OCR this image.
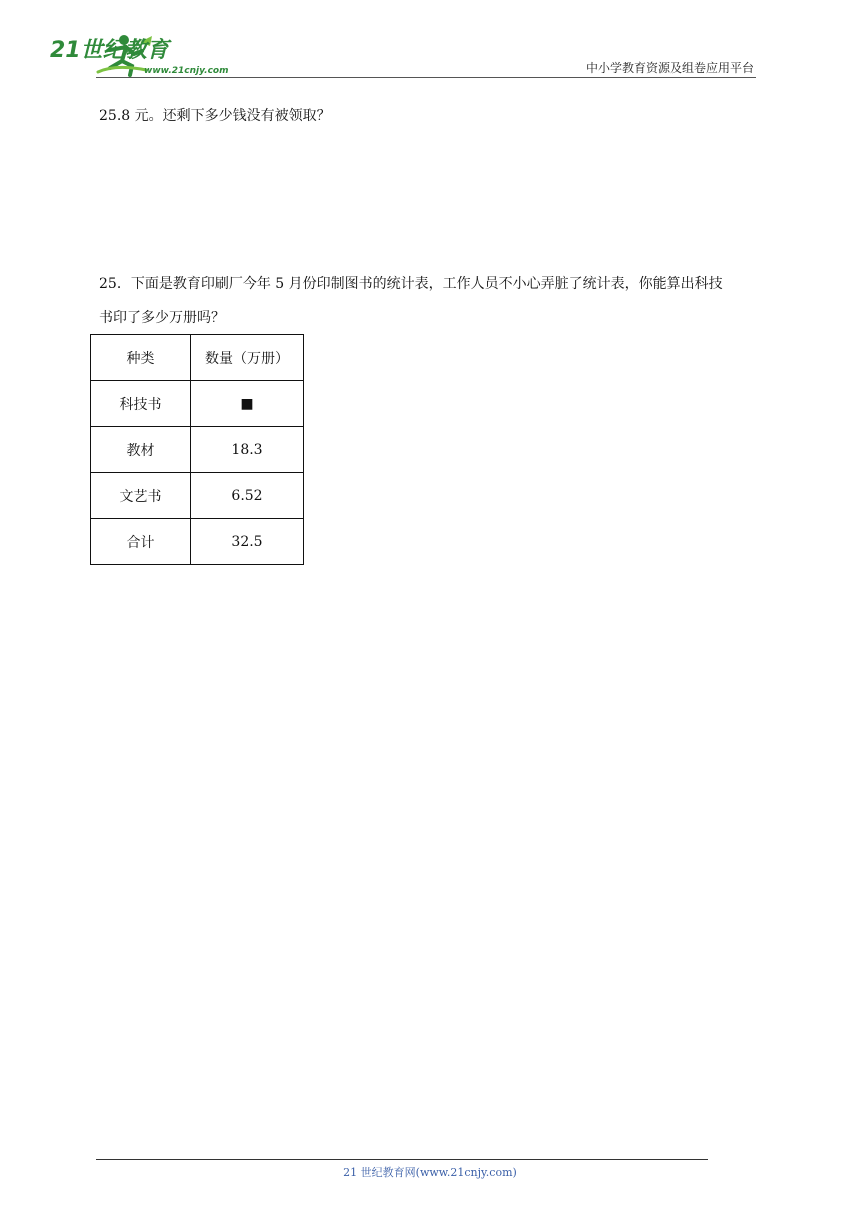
21世纪教育
www.21cnjy.com	中小学教育资源及组卷应用平台
25.8 元。还剩下多少钱没有被领取？
25．下面是教育印刷厂今年 5 月份印制图书的统计表，工作人员不小心弄脏了统计表，你能算出科技
书印了多少万册吗？
种类	数量（万册）
科技书	■
教材	18.3
文艺书	6.52
合计	32.5
21 世纪教育网(www.21cnjy.com)
